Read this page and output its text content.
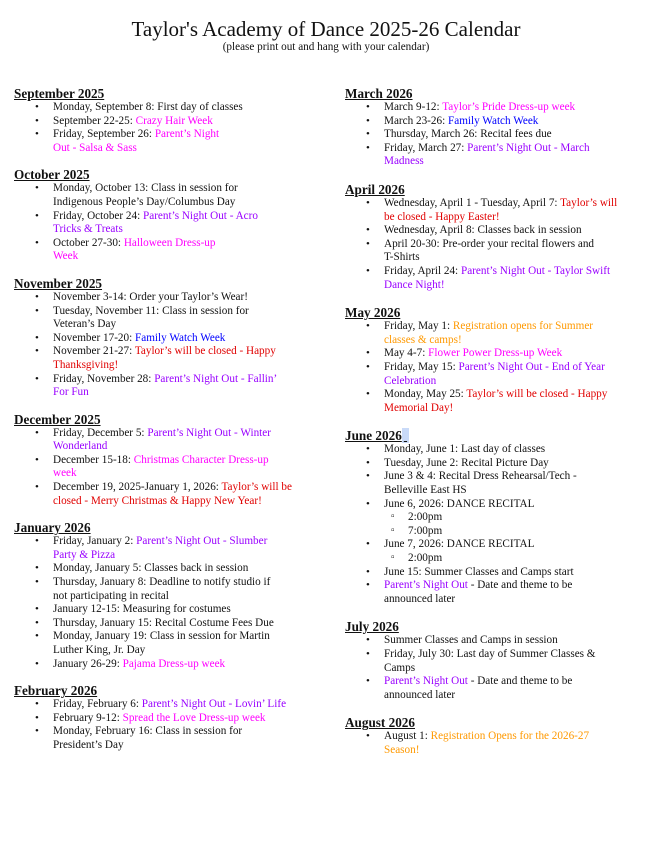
Taylor's Academy of Dance 2025-26 Calendar
(please print out and hang with your calendar)
September 2025
• Monday, September 8: First day of classes
• September 22-25: Crazy Hair Week
• Friday, September 26: Parent’s Night
Out - Salsa & Sass
October 2025
• Monday, October 13: Class in session for
Indigenous People’s Day/Columbus Day
• Friday, October 24: Parent’s Night Out - Acro
Tricks & Treats
• October 27-30: Halloween Dress-up
Week
November 2025
• November 3-14: Order your Taylor’s Wear!
• Tuesday, November 11: Class in session for
Veteran’s Day
• November 17-20: Family Watch Week
• November 21-27: Taylor’s will be closed - Happy
Thanksgiving!
• Friday, November 28: Parent’s Night Out - Fallin’
For Fun
December 2025
• Friday, December 5: Parent’s Night Out - Winter
Wonderland
• December 15-18: Christmas Character Dress-up
week
• December 19, 2025-January 1, 2026: Taylor’s will be
closed - Merry Christmas & Happy New Year!
January 2026
• Friday, January 2: Parent’s Night Out - Slumber
Party & Pizza
• Monday, January 5: Classes back in session
• Thursday, January 8: Deadline to notify studio if
not participating in recital
• January 12-15: Measuring for costumes
• Thursday, January 15: Recital Costume Fees Due
• Monday, January 19: Class in session for Martin
Luther King, Jr. Day
• January 26-29: Pajama Dress-up week
February 2026
• Friday, February 6: Parent’s Night Out - Lovin’ Life
• February 9-12: Spread the Love Dress-up week
• Monday, February 16: Class in session for
President’s Day
March 2026
• March 9-12: Taylor’s Pride Dress-up week
• March 23-26: Family Watch Week
• Thursday, March 26: Recital fees due
• Friday, March 27: Parent’s Night Out - March
Madness
April 2026
• Wednesday, April 1 - Tuesday, April 7: Taylor’s will
be closed - Happy Easter!
• Wednesday, April 8: Classes back in session
• April 20-30: Pre-order your recital flowers and
T-Shirts
• Friday, April 24: Parent’s Night Out - Taylor Swift
Dance Night!
May 2026
• Friday, May 1: Registration opens for Summer
classes & camps!
• May 4-7: Flower Power Dress-up Week
• Friday, May 15: Parent’s Night Out - End of Year
Celebration
• Monday, May 25: Taylor’s will be closed - Happy
Memorial Day!
June 2026
• Monday, June 1: Last day of classes
• Tuesday, June 2: Recital Picture Day
• June 3 & 4: Recital Dress Rehearsal/Tech -
Belleville East HS
• June 6, 2026: DANCE RECITAL
▫ 2:00pm
▫ 7:00pm
• June 7, 2026: DANCE RECITAL
▫ 2:00pm
• June 15: Summer Classes and Camps start
• Parent’s Night Out - Date and theme to be
announced later
July 2026
• Summer Classes and Camps in session
• Friday, July 30: Last day of Summer Classes &
Camps
• Parent’s Night Out - Date and theme to be
announced later
August 2026
• August 1: Registration Opens for the 2026-27
Season!
